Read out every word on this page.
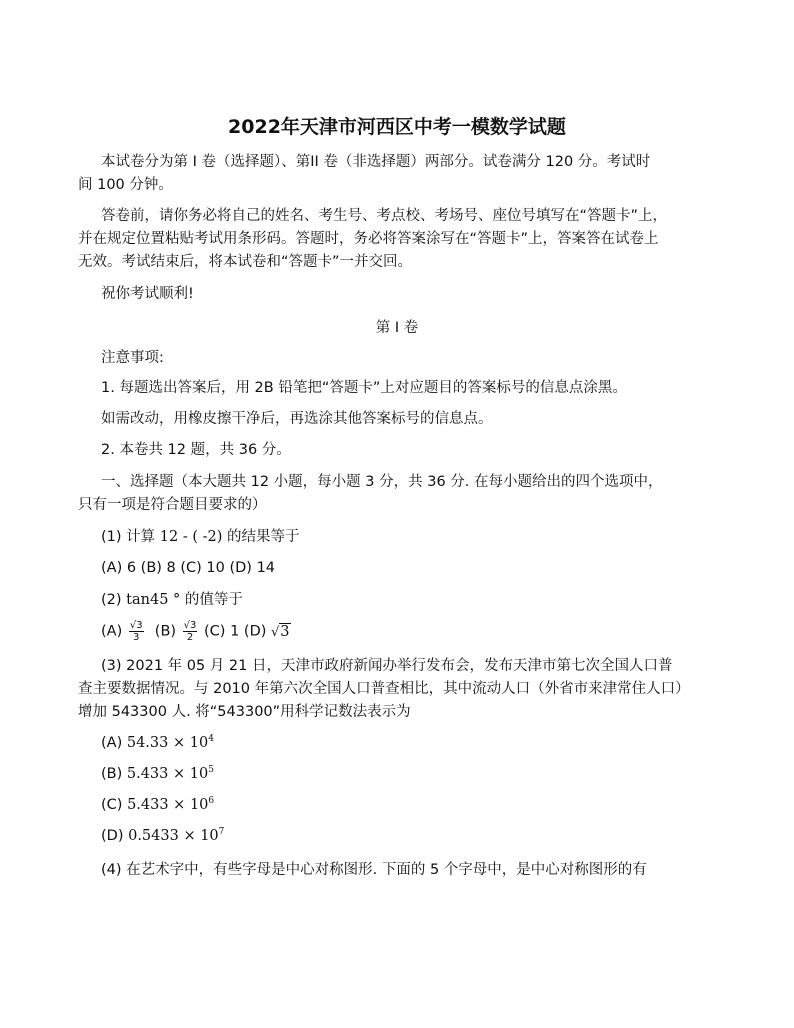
2022年天津市河西区中考一模数学试题
本试卷分为第 I 卷（选择题）、第II 卷（非选择题）两部分。试卷满分 120 分。考试时
间 100 分钟。
答卷前，请你务必将自己的姓名、考生号、考点校、考场号、座位号填写在“答题卡”上，
并在规定位置粘贴考试用条形码。答题时，务必将答案涂写在“答题卡”上，答案答在试卷上
无效。考试结束后，将本试卷和“答题卡”一并交回。
祝你考试顺利!
第 I 卷
注意事项:
1. 每题选出答案后，用 2B 铅笔把“答题卡”上对应题目的答案标号的信息点涂黑。
如需改动，用橡皮擦干净后，再选涂其他答案标号的信息点。
2. 本卷共 12 题，共 36 分。
一、选择题（本大题共 12 小题，每小题 3 分，共 36 分. 在每小题给出的四个选项中，
只有一项是符合题目要求的）
(1) 计算 12 - ( -2) 的结果等于
(A) 6 (B) 8 (C) 10 (D) 14
(2) tan45 ° 的值等于
$(A) \frac{√3}{3} (B) \frac{√3}{2} (C)$ 1 (D) √3
(3) 2021 年 05 月 21 日，天津市政府新闻办举行发布会，发布天津市第七次全国人口普
查主要数据情况。与 2010 年第六次全国人口普查相比，其中流动人口（外省市来津常住人口）
增加 543300 人. 将“543300”用科学记数法表示为
(A) $54.33 \times 10^4$
(B) $5.433 \times 10^5$
(C) $5.433 \times 10^6$
(D) $0.5433 \times 10^7$
(4) 在艺术字中，有些字母是中心对称图形. 下面的 5 个字母中，是中心对称图形的有
